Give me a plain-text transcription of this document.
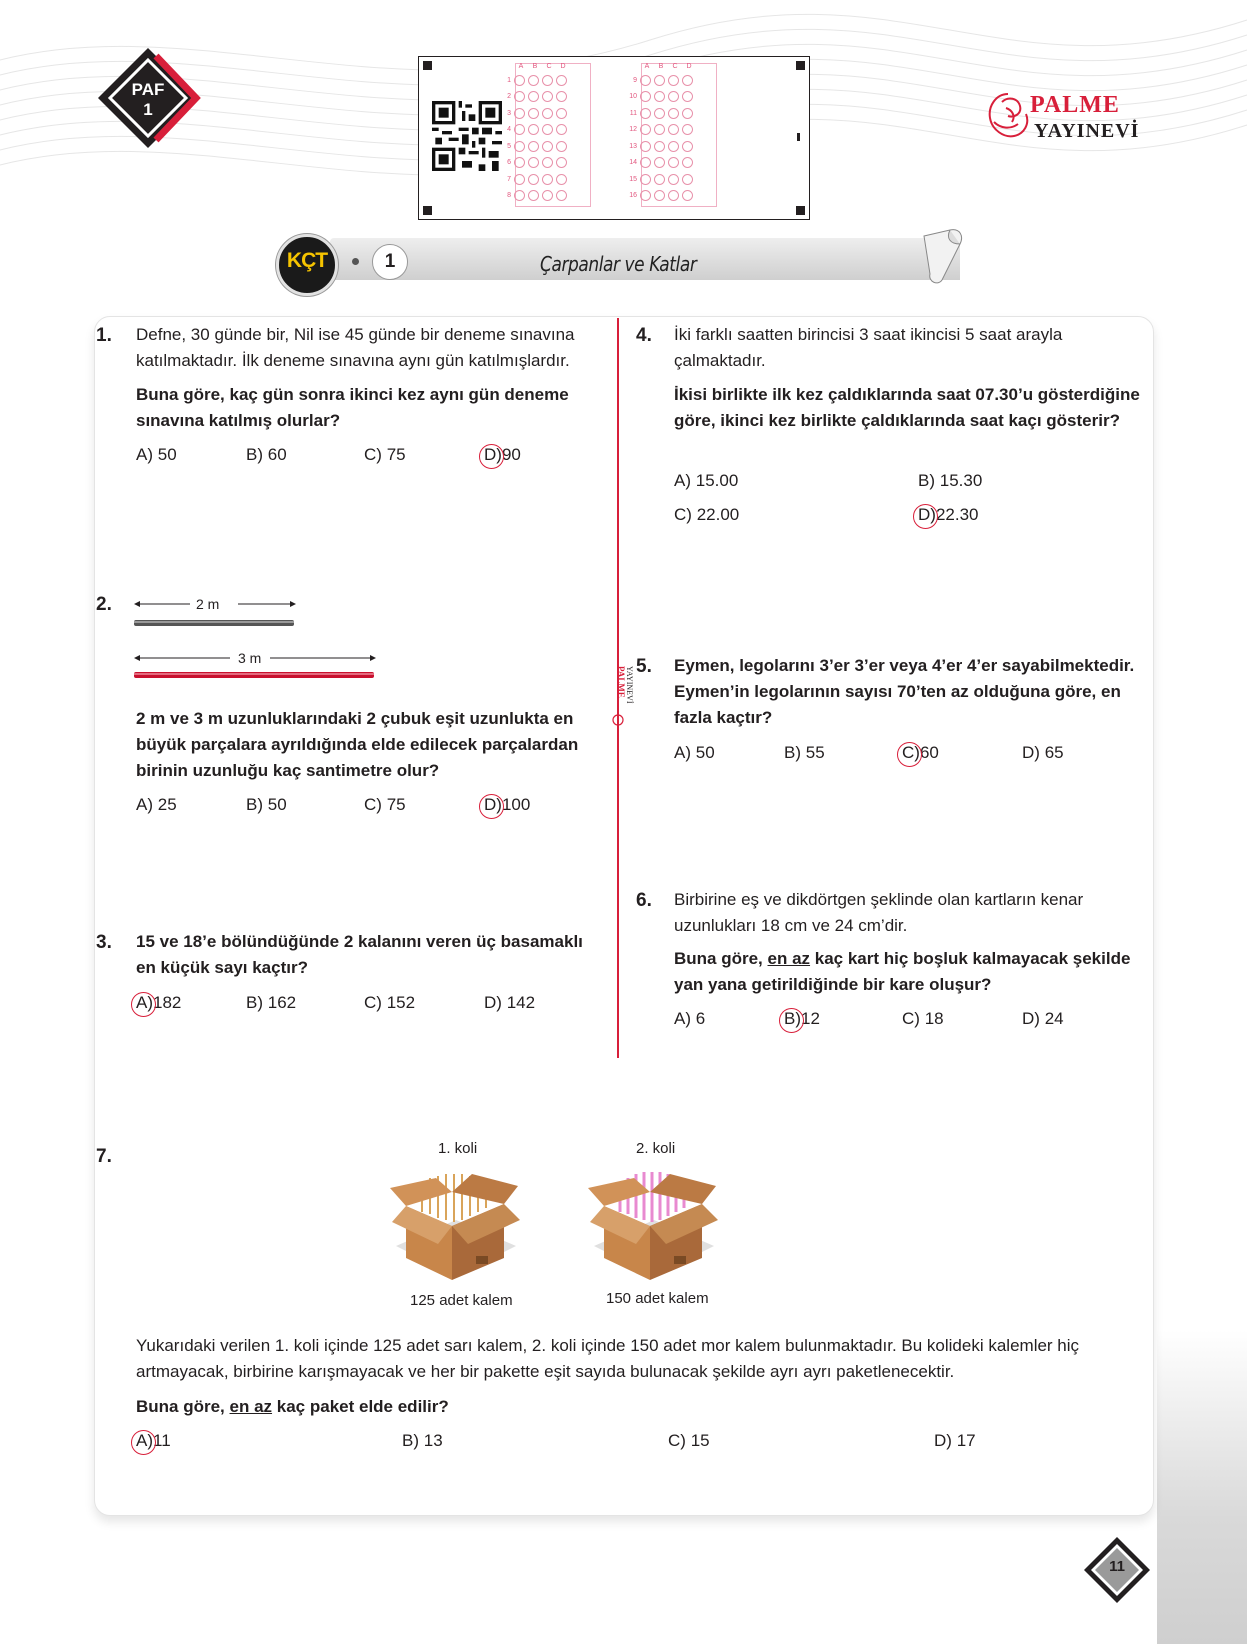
PAF
1
A	B	C	D
1
2
3
4
5
6
7
8
A	B	C	D
9
10
11
12
13
14
15
16
PALME
YAYINEVİ
KÇT	1	Çarpanlar ve Katlar
PALME YAYINEVİ
1. Defne, 30 günde bir, Nil ise 45 günde bir deneme sınavına katılmaktadır. İlk deneme sınavına aynı gün katılmışlardır.
Buna göre, kaç gün sonra ikinci kez aynı gün deneme sınavına katılmış olurlar?
A) 50	B) 60	C) 75	D)90
2.	2 m
3 m
2 m ve 3 m uzunluklarındaki 2 çubuk eşit uzunlukta en büyük parçalara ayrıldığında elde edilecek parçalardan birinin uzunluğu kaç santimetre olur?
A) 25	B) 50	C) 75	D)100
3. 15 ve 18’e bölündüğünde 2 kalanını veren üç basamaklı en küçük sayı kaçtır?
A)182	B) 162	C) 152	D) 142
4. İki farklı saatten birincisi 3 saat ikincisi 5 saat arayla çalmaktadır.
İkisi birlikte ilk kez çaldıklarında saat 07.30’u gösterdiğine göre, ikinci kez birlikte çaldıklarında saat kaçı gösterir?
A) 15.00	B) 15.30
C) 22.00	D)22.30
5. Eymen, legolarını 3’er 3’er veya 4’er 4’er sayabilmektedir. Eymen’in legolarının sayısı 70’ten az olduğuna göre, en fazla kaçtır?
A) 50	B) 55	C)60	D) 65
6. Birbirine eş ve dikdörtgen şeklinde olan kartların kenar uzunlukları 18 cm ve 24 cm’dir.
Buna göre, en az kaç kart hiç boşluk kalmayacak şekilde yan yana getirildiğinde bir kare oluşur?
A) 6	B)12	C) 18	D) 24
7.	1. koli	2. koli
125 adet kalem	150 adet kalem
Yukarıdaki verilen 1. koli içinde 125 adet sarı kalem, 2. koli içinde 150 adet mor kalem bulunmaktadır. Bu kolideki kalemler hiç artmayacak, birbirine karışmayacak ve her bir pakette eşit sayıda bulunacak şekilde ayrı ayrı paketlenecektir.
Buna göre, en az kaç paket elde edilir?
A)11	B) 13	C) 15	D) 17
11
